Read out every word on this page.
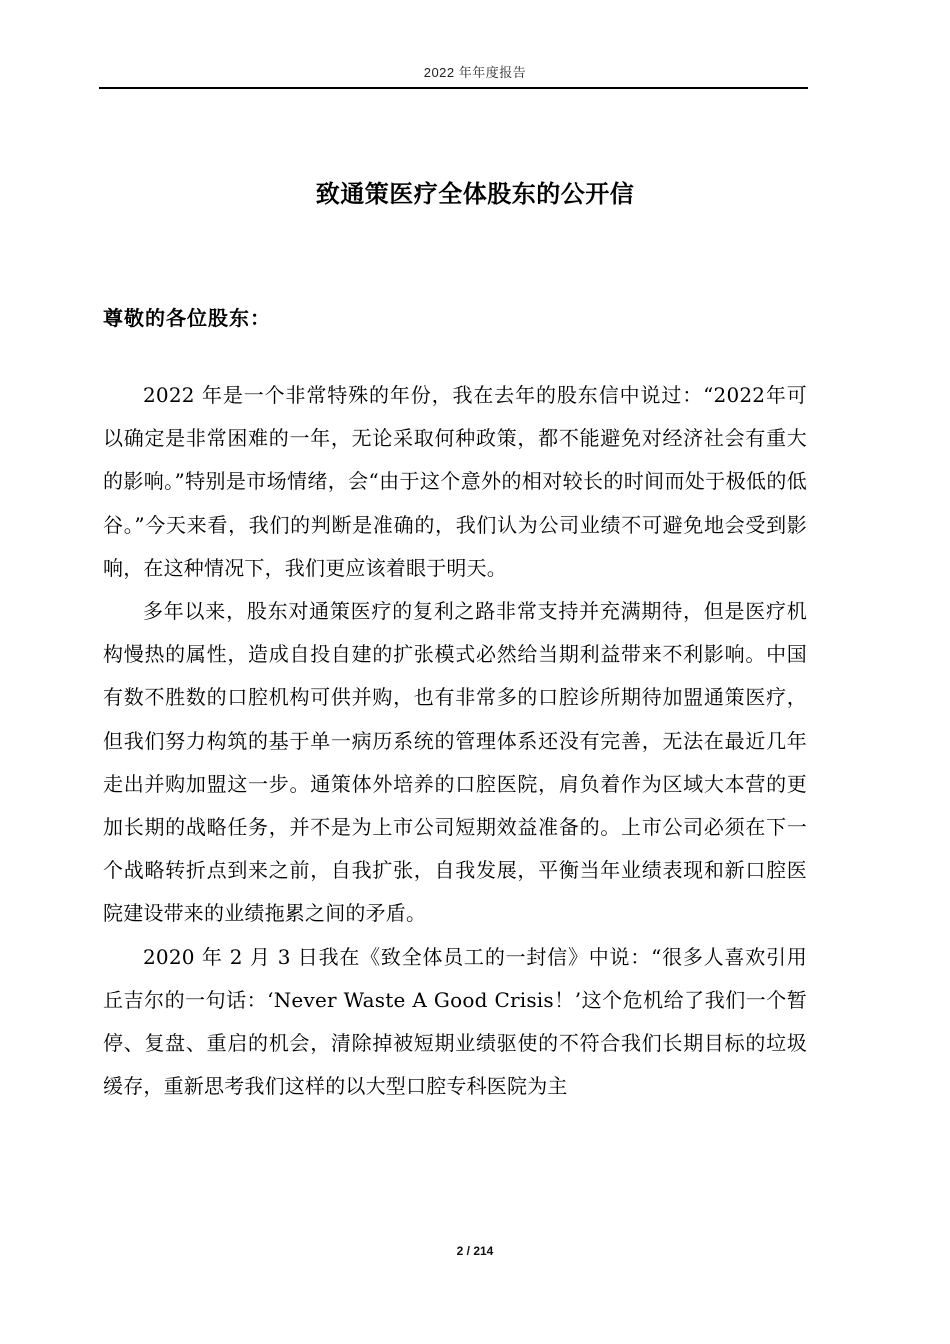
2022 年年度报告
致通策医疗全体股东的公开信
尊敬的各位股东：

2022 年是一个非常特殊的年份，我在去年的股东信中说过：“2022年可以确定是非常困难的一年，无论采取何种政策，都不能避免对经济社会有重大的影响。”特别是市场情绪，会“由于这个意外的相对较长的时间而处于极低的低谷。”今天来看，我们的判断是准确的，我们认为公司业绩不可避免地会受到影响，在这种情况下，我们更应该着眼于明天。

多年以来，股东对通策医疗的复利之路非常支持并充满期待，但是医疗机构慢热的属性，造成自投自建的扩张模式必然给当期利益带来不利影响。中国有数不胜数的口腔机构可供并购，也有非常多的口腔诊所期待加盟通策医疗，但我们努力构筑的基于单一病历系统的管理体系还没有完善，无法在最近几年走出并购加盟这一步。通策体外培养的口腔医院，肩负着作为区域大本营的更加长期的战略任务，并不是为上市公司短期效益准备的。上市公司必须在下一个战略转折点到来之前，自我扩张，自我发展，平衡当年业绩表现和新口腔医院建设带来的业绩拖累之间的矛盾。

2020 年 2 月 3 日我在《致全体员工的一封信》中说：“很多人喜欢引用丘吉尔的一句话：‘Never Waste A Good Crisis！’这个危机给了我们一个暂停、复盘、重启的机会，清除掉被短期业绩驱使的不符合我们长期目标的垃圾缓存，重新思考我们这样的以大型口腔专科医院为主

2 / 214
